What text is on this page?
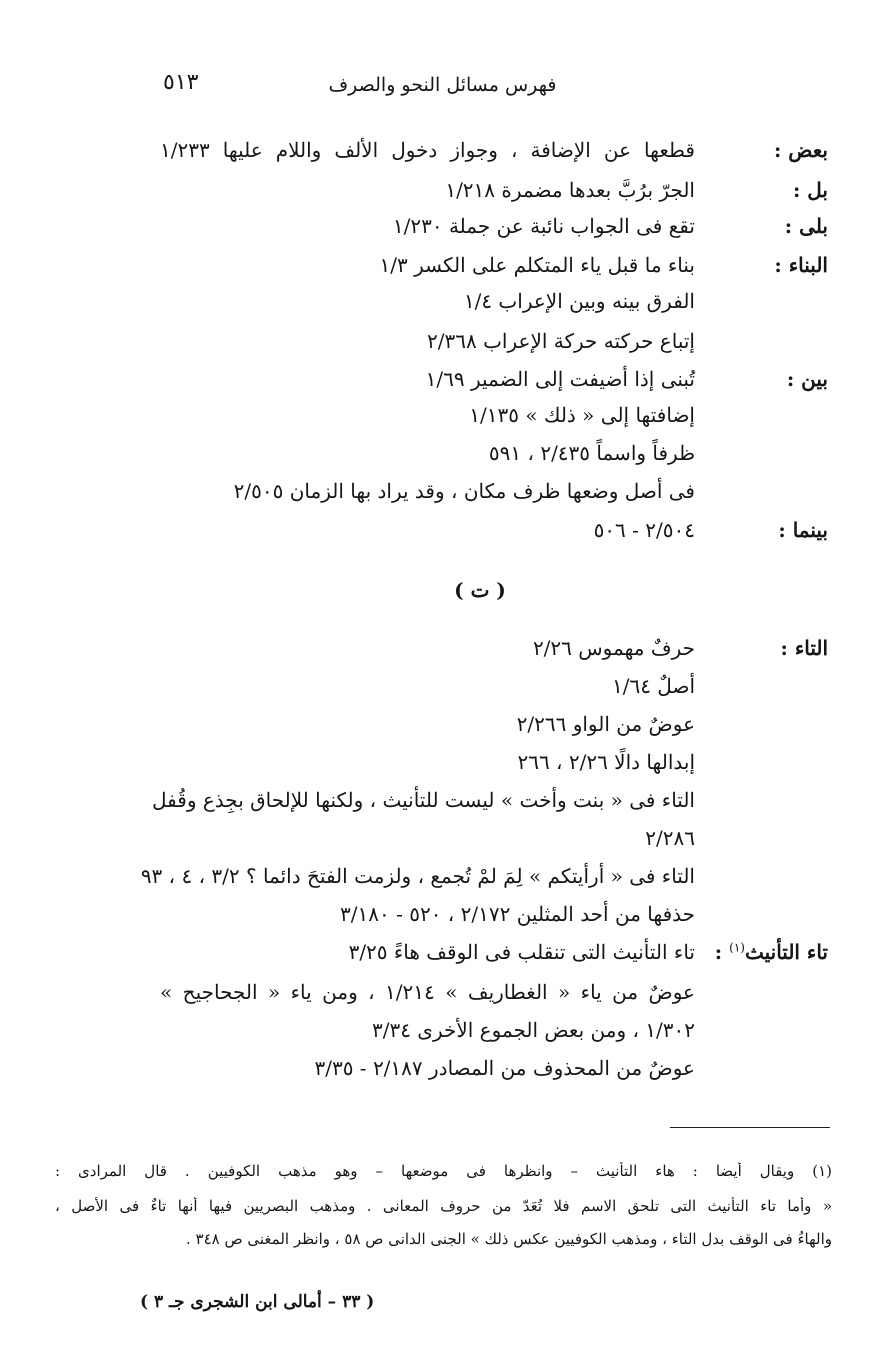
فهرس مسائل النحو والصرف
٥١٣
بعض :
قطعها عن الإضافة ، وجواز دخول الألف واللام عليها ١/٢٣٣
بل :
الجرّ برُبَّ بعدها مضمرة ١/٢١٨
بلى :
تقع فى الجواب نائبة عن جملة ١/٢٣٠
البناء :
بناء ما قبل ياء المتكلم على الكسر ١/٣
الفرق بينه وبين الإعراب ١/٤
إتباع حركته حركة الإعراب ٢/٣٦٨
بين :
تُبنى إذا أضيفت إلى الضمير ١/٦٩
إضافتها إلى « ذلك » ١/١٣٥
ظرفاً واسماً ٢/٤٣٥ ، ٥٩١
فى أصل وضعها ظرف مكان ، وقد يراد بها الزمان ٢/٥٠٥
بينما :
٢/٥٠٤ - ٥٠٦
( ت )
التاء :
حرفٌ مهموس ٢/٢٦
أصلٌ ١/٦٤
عوضٌ من الواو ٢/٢٦٦
إبدالها دالًا ٢/٢٦ ، ٢٦٦
التاء فى « بنت وأخت » ليست للتأنيث ، ولكنها للإلحاق بجِذع وقُفل
٢/٢٨٦
التاء فى « أرأيتكم » لِمَ لمْ تُجمع ، ولزمت الفتحَ دائما ؟ ٣/٢ ، ٤ ، ٩٣
حذفها من أحد المثلين ٢/١٧٢ ، ٥٢٠ - ٣/١٨٠
تاء التأنيث$^{(١)}$ :
تاء التأنيث التى تنقلب فى الوقف هاءً ٣/٢٥
عوضٌ من ياء « الغطاريف » ١/٢١٤ ، ومن ياء « الجحاجيح »
١/٣٠٢ ، ومن بعض الجموع الأخرى ٣/٣٤
عوضٌ من المحذوف من المصادر ٢/١٨٧ - ٣/٣٥
(١) ويقال أيضا : هاء التأنيث – وانظرها فى موضعها – وهو مذهب الكوفيين . قال المرادى :
« وأما تاء التأنيث التى تلحق الاسم فلا تُعَدّ من حروف المعانى . ومذهب البصريين فيها أنها تاءٌ فى الأصل ،
والهاءُ فى الوقف بدل التاء ، ومذهب الكوفيين عكس ذلك » الجنى الدانى ص ٥٨ ، وانظر المغنى ص ٣٤٨ .
( ٣٣ – أمالى ابن الشجرى جـ ٣ )
